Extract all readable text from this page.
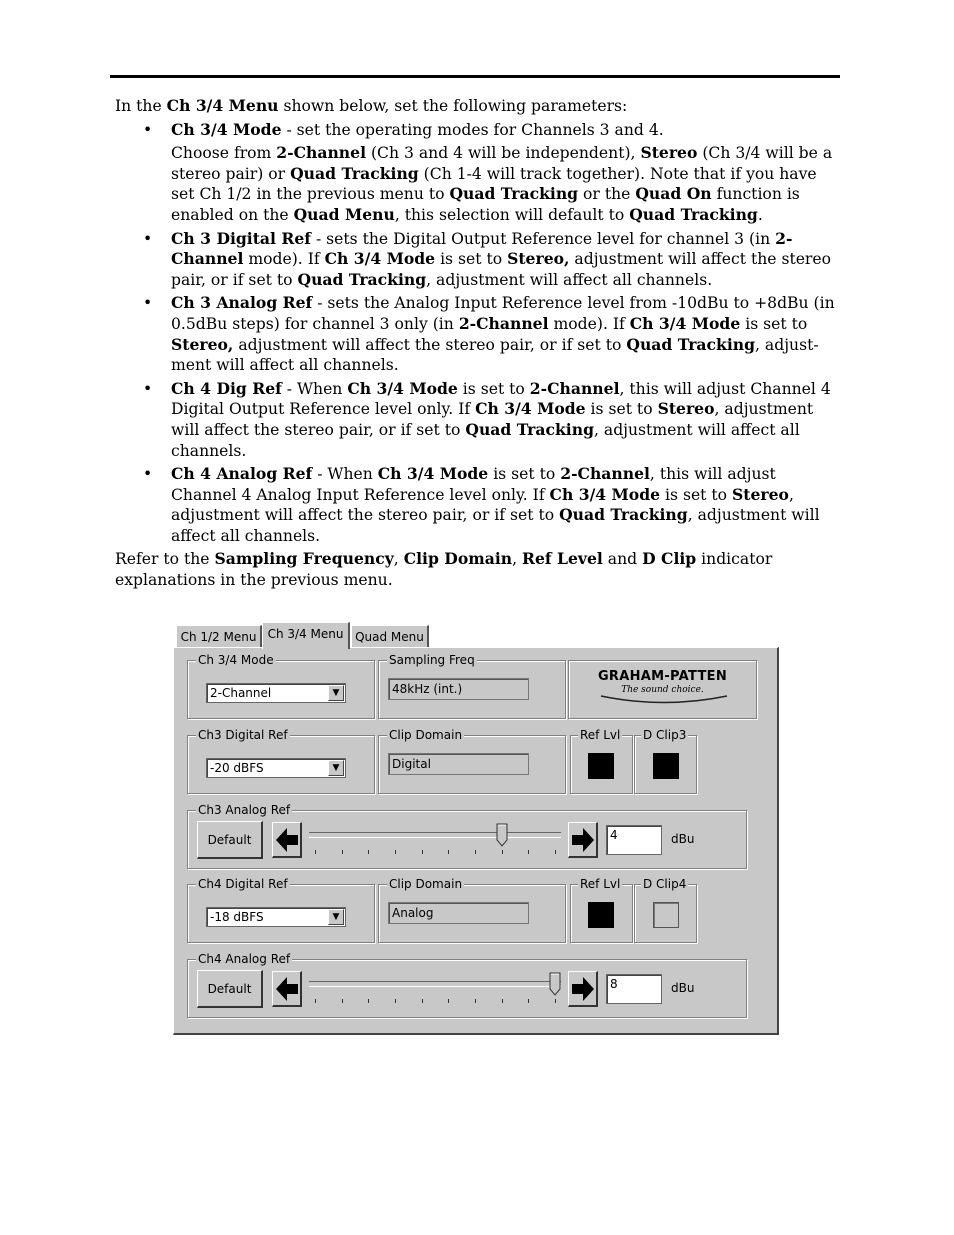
In the Ch 3/4 Menu shown below, set the following parameters:

• Ch 3/4 Mode - set the operating modes for Channels 3 and 4.
Choose from 2-Channel (Ch 3 and 4 will be independent), Stereo (Ch 3/4 will be a stereo pair) or Quad Tracking (Ch 1-4 will track together). Note that if you have set Ch 1/2 in the previous menu to Quad Tracking or the Quad On function is enabled on the Quad Menu, this selection will default to Quad Tracking.
• Ch 3 Digital Ref - sets the Digital Output Reference level for channel 3 (in 2-Channel mode). If Ch 3/4 Mode is set to Stereo, adjustment will affect the stereo pair, or if set to Quad Tracking, adjustment will affect all channels.
• Ch 3 Analog Ref - sets the Analog Input Reference level from -10dBu to +8dBu (in 0.5dBu steps) for channel 3 only (in 2-Channel mode). If Ch 3/4 Mode is set to Stereo, adjustment will affect the stereo pair, or if set to Quad Tracking, adjust-ment will affect all channels.
• Ch 4 Dig Ref - When Ch 3/4 Mode is set to 2-Channel, this will adjust Channel 4 Digital Output Reference level only. If Ch 3/4 Mode is set to Stereo, adjustment will affect the stereo pair, or if set to Quad Tracking, adjustment will affect all channels.
• Ch 4 Analog Ref - When Ch 3/4 Mode is set to 2-Channel, this will adjust Channel 4 Analog Input Reference level only. If Ch 3/4 Mode is set to Stereo, adjustment will affect the stereo pair, or if set to Quad Tracking, adjustment will affect all channels.

Refer to the Sampling Frequency, Clip Domain, Ref Level and D Clip indicator explanations in the previous menu.

Ch 1/2 Menu Ch 3/4 Menu Quad Menu
Ch 3/4 Mode
2-Channel	▼
Sampling Freq
48kHz (int.)
GRAHAM-PATTEN
The sound choice.
Ch3 Digital Ref
-20 dBFS	▼
Clip Domain
Digital
Ref Lvl D Clip3
Ch3 Analog Ref
Default	4	dBu
Ch4 Digital Ref
-18 dBFS	▼
Clip Domain
Analog
Ref Lvl D Clip4
Ch4 Analog Ref
Default	8	dBu
